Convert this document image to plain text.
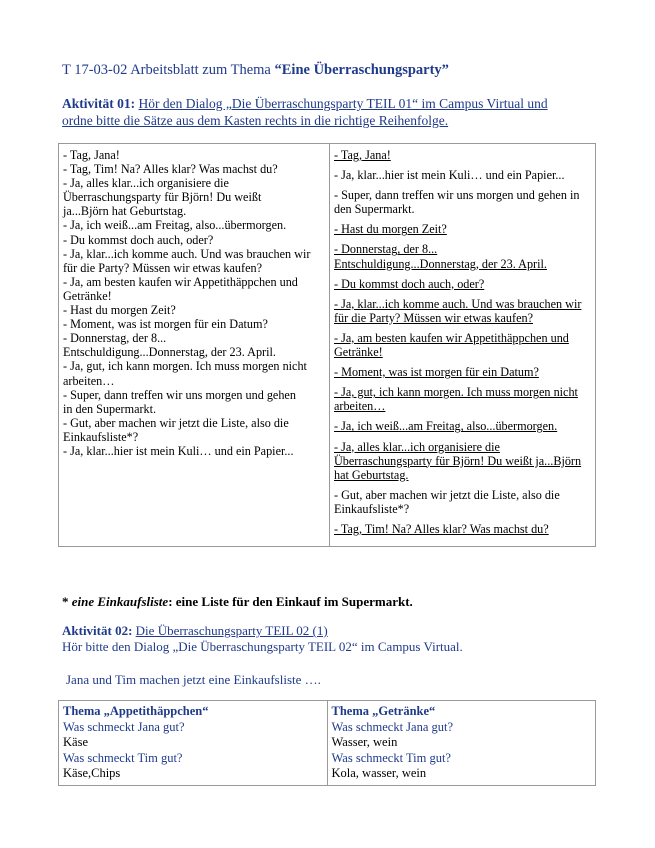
T 17-03-02 Arbeitsblatt zum Thema “Eine Überraschungsparty”
Aktivität 01: Hör den Dialog „Die Überraschungsparty TEIL 01“ im Campus Virtual und
ordne bitte die Sätze aus dem Kasten rechts in die richtige Reihenfolge.
- Tag, Jana!
- Tag, Tim! Na? Alles klar? Was machst du?
- Ja, alles klar...ich organisiere die
Überraschungsparty für Björn! Du weißt
ja...Björn hat Geburtstag.
- Ja, ich weiß...am Freitag, also...übermorgen.
- Du kommst doch auch, oder?
- Ja, klar...ich komme auch. Und was brauchen wir
für die Party? Müssen wir etwas kaufen?
- Ja, am besten kaufen wir Appetithäppchen und
Getränke!
- Hast du morgen Zeit?
- Moment, was ist morgen für ein Datum?
- Donnerstag, der 8...
Entschuldigung...Donnerstag, der 23. April.
- Ja, gut, ich kann morgen. Ich muss morgen nicht
arbeiten…
- Super, dann treffen wir uns morgen und gehen
in den Supermarkt.
- Gut, aber machen wir jetzt die Liste, also die
Einkaufsliste*?
- Ja, klar...hier ist mein Kuli… und ein Papier...

- Tag, Jana!
- Ja, klar...hier ist mein Kuli… und ein Papier...
- Super, dann treffen wir uns morgen und gehen in den Supermarkt.
- Hast du morgen Zeit?
- Donnerstag, der 8...
Entschuldigung...Donnerstag, der 23. April.
- Du kommst doch auch, oder?
- Ja, klar...ich komme auch. Und was brauchen wir für die Party? Müssen wir etwas kaufen?
- Ja, am besten kaufen wir Appetithäppchen und Getränke!
- Moment, was ist morgen für ein Datum?
- Ja, gut, ich kann morgen. Ich muss morgen nicht arbeiten…
- Ja, ich weiß...am Freitag, also...übermorgen.
- Ja, alles klar...ich organisiere die Überraschungsparty für Björn! Du weißt ja...Björn hat Geburtstag.
- Gut, aber machen wir jetzt die Liste, also die Einkaufsliste*?
- Tag, Tim! Na? Alles klar? Was machst du?
* eine Einkaufsliste: eine Liste für den Einkauf im Supermarkt.
Aktivität 02: Die Überraschungsparty TEIL 02 (1)
Hör bitte den Dialog „Die Überraschungsparty TEIL 02“ im Campus Virtual.
Jana und Tim machen jetzt eine Einkaufsliste ….
Thema „Appetithäppchen“
Was schmeckt Jana gut?
Käse
Was schmeckt Tim gut?
Käse,Chips

Thema „Getränke“
Was schmeckt Jana gut?
Wasser, wein
Was schmeckt Tim gut?
Kola, wasser, wein
